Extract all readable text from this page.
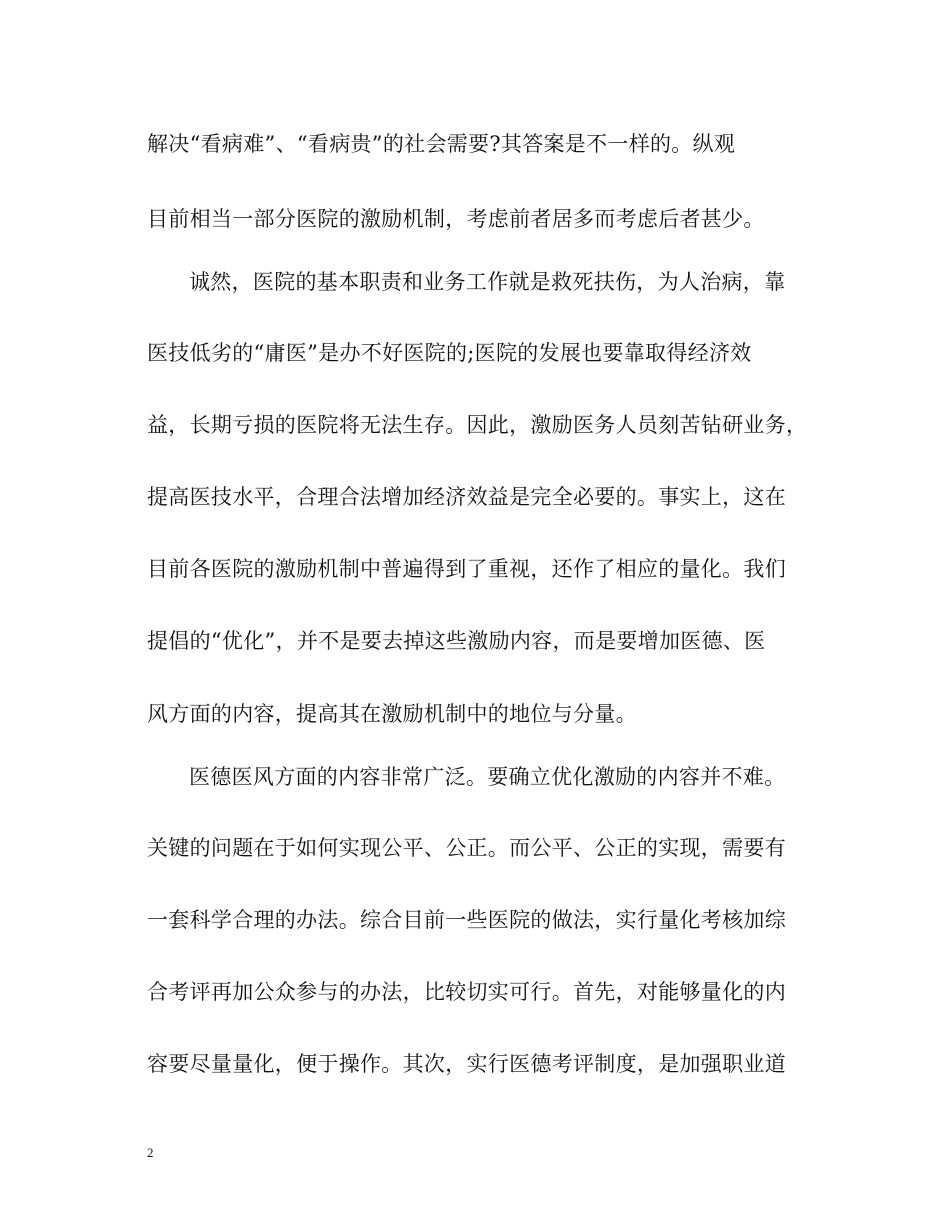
解决“看病难”、“看病贵”的社会需要?其答案是不一样的。纵观
目前相当一部分医院的激励机制，考虑前者居多而考虑后者甚少。
诚然，医院的基本职责和业务工作就是救死扶伤，为人治病，靠
医技低劣的“庸医”是办不好医院的;医院的发展也要靠取得经济效
益，长期亏损的医院将无法生存。因此，激励医务人员刻苦钻研业务，
提高医技水平，合理合法增加经济效益是完全必要的。事实上，这在
目前各医院的激励机制中普遍得到了重视，还作了相应的量化。我们
提倡的“优化”，并不是要去掉这些激励内容，而是要增加医德、医
风方面的内容，提高其在激励机制中的地位与分量。
医德医风方面的内容非常广泛。要确立优化激励的内容并不难。
关键的问题在于如何实现公平、公正。而公平、公正的实现，需要有
一套科学合理的办法。综合目前一些医院的做法，实行量化考核加综
合考评再加公众参与的办法，比较切实可行。首先，对能够量化的内
容要尽量量化，便于操作。其次，实行医德考评制度，是加强职业道
2
